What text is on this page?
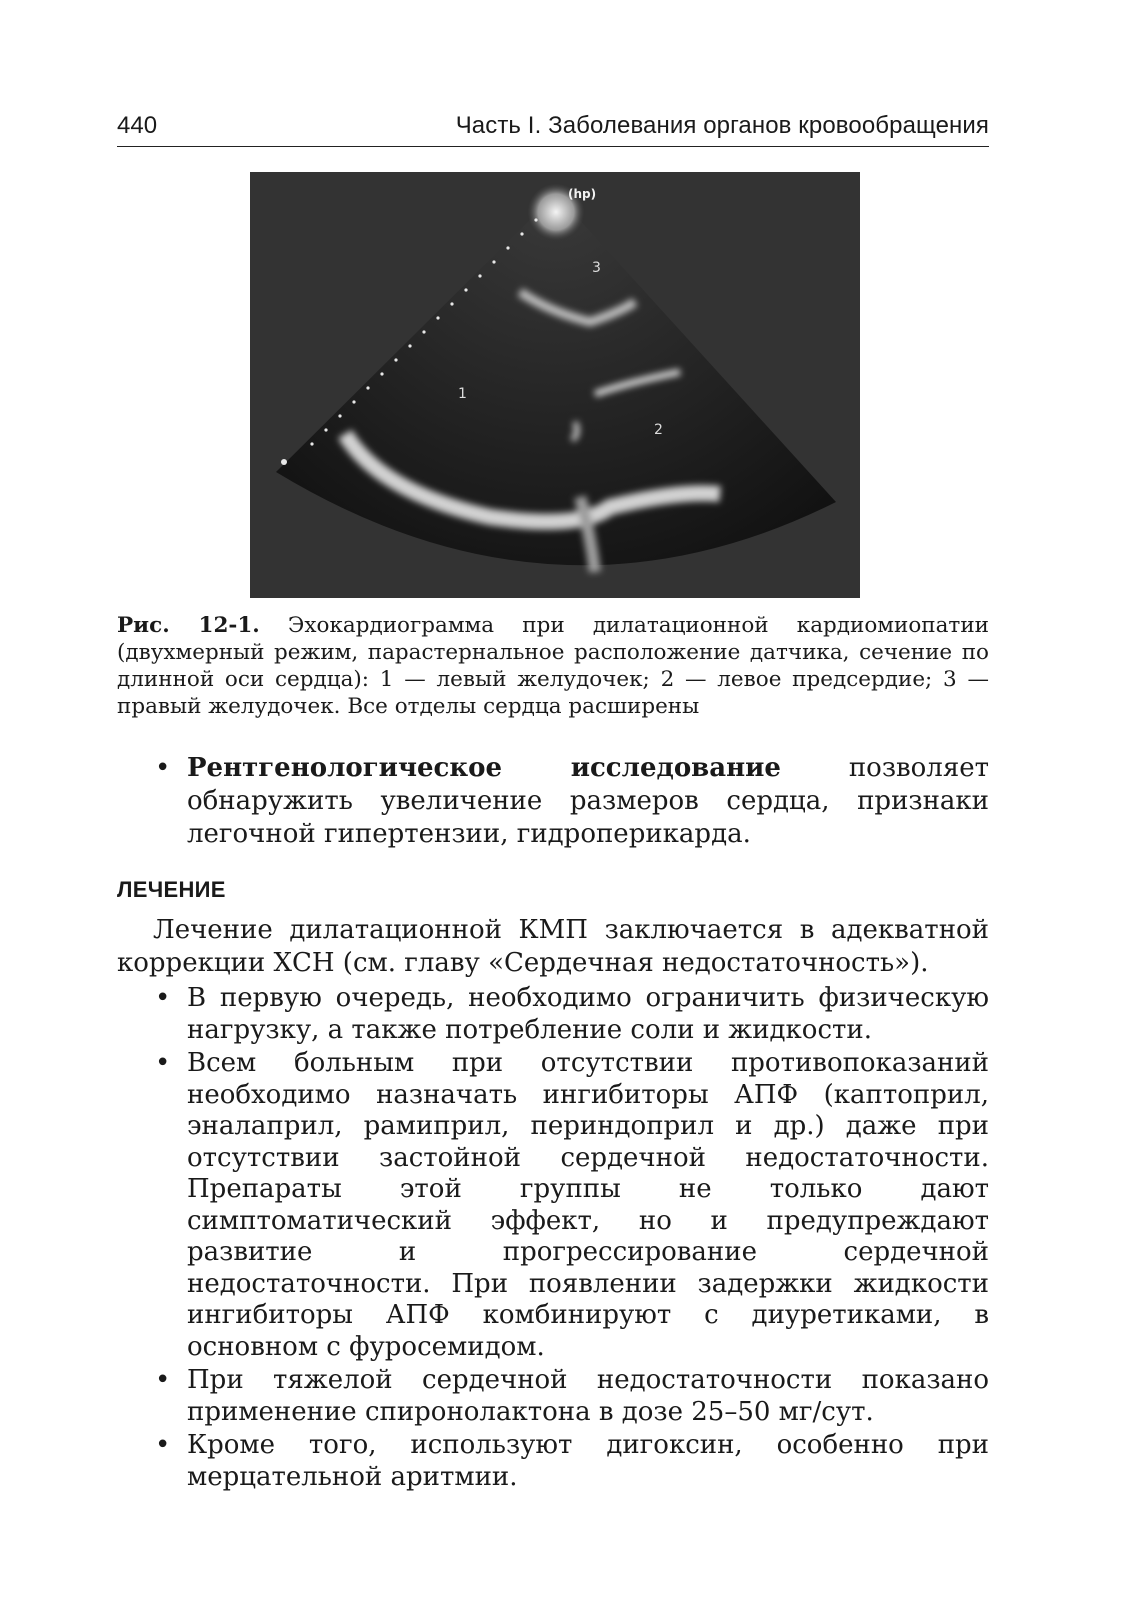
440	Часть I. Заболевания органов кровообращения
(hp)
1
2
3
Рис. 12-1. Эхокардиограмма при дилатационной кардиомиопатии (двухмерный режим, парастернальное расположение датчика, сечение по длинной оси сердца): 1 — левый желудочек; 2 — левое предсердие; 3 — правый желудочек. Все отделы сердца расширены
• Рентгенологическое исследование позволяет обнаружить увеличение размеров сердца, признаки легочной гипертензии, гидроперикарда.
ЛЕЧЕНИЕ
Лечение дилатационной КМП заключается в адекватной коррекции ХСН (см. главу «Сердечная недостаточность»).
• В первую очередь, необходимо ограничить физическую нагрузку, а также потребление соли и жидкости.
• Всем больным при отсутствии противопоказаний необходимо назначать ингибиторы АПФ (каптоприл, эналаприл, рамиприл, периндоприл и др.) даже при отсутствии застойной сердечной недостаточности. Препараты этой группы не только дают симптоматический эффект, но и предупреждают развитие и прогрессирование сердечной недостаточности. При появлении задержки жидкости ингибиторы АПФ комбинируют с диуретиками, в основном с фуросемидом.
• При тяжелой сердечной недостаточности показано применение спиронолактона в дозе 25–50 мг/сут.
• Кроме того, используют дигоксин, особенно при мерцательной аритмии.
